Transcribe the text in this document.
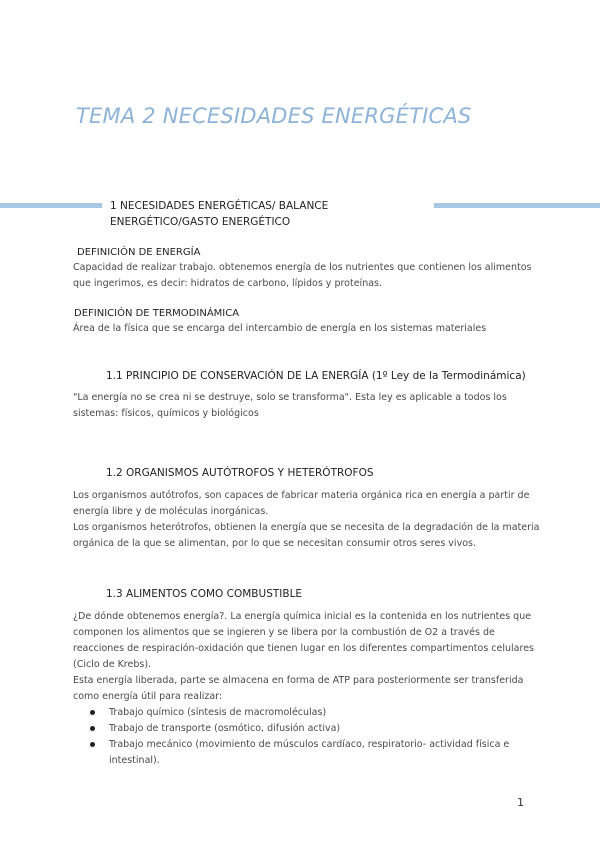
TEMA 2 NECESIDADES ENERGÉTICAS
1 NECESIDADES ENERGÉTICAS/ BALANCE ENERGÉTICO/GASTO ENERGÉTICO
DEFINICIÓN DE ENERGÍA
Capacidad de realizar trabajo. obtenemos energía de los nutrientes que contienen los alimentos
que ingerimos, es decir: hidratos de carbono, lípidos y proteínas.
DEFINICIÓN DE TERMODINÁMICA
Área de la física que se encarga del intercambio de energía en los sistemas materiales
1.1 PRINCIPIO DE CONSERVACIÓN DE LA ENERGÍA (1º Ley de la Termodinámica)
"La energía no se crea ni se destruye, solo se transforma". Esta ley es aplicable a todos los
sistemas: físicos, químicos y biológicos
1.2 ORGANISMOS AUTÓTROFOS Y HETERÓTROFOS
Los organismos autótrofos, son capaces de fabricar materia orgánica rica en energía a partir de
energía libre y de moléculas inorgánicas.
Los organismos heterótrofos, obtienen la energía que se necesita de la degradación de la materia
orgánica de la que se alimentan, por lo que se necesitan consumir otros seres vivos.
1.3 ALIMENTOS COMO COMBUSTIBLE
¿De dónde obtenemos energía?. La energía química inicial es la contenida en los nutrientes que
componen los alimentos que se ingieren y se libera por la combustión de O2 a través de
reacciones de respiración-oxidación que tienen lugar en los diferentes compartimentos celulares
(Ciclo de Krebs).
Esta energía liberada, parte se almacena en forma de ATP para posteriormente ser transferida
como energía útil para realizar:
Trabajo químico (síntesis de macromoléculas)
Trabajo de transporte (osmótico, difusión activa)
Trabajo mecánico (movimiento de músculos cardíaco, respiratorio- actividad física e
intestinal).
1
